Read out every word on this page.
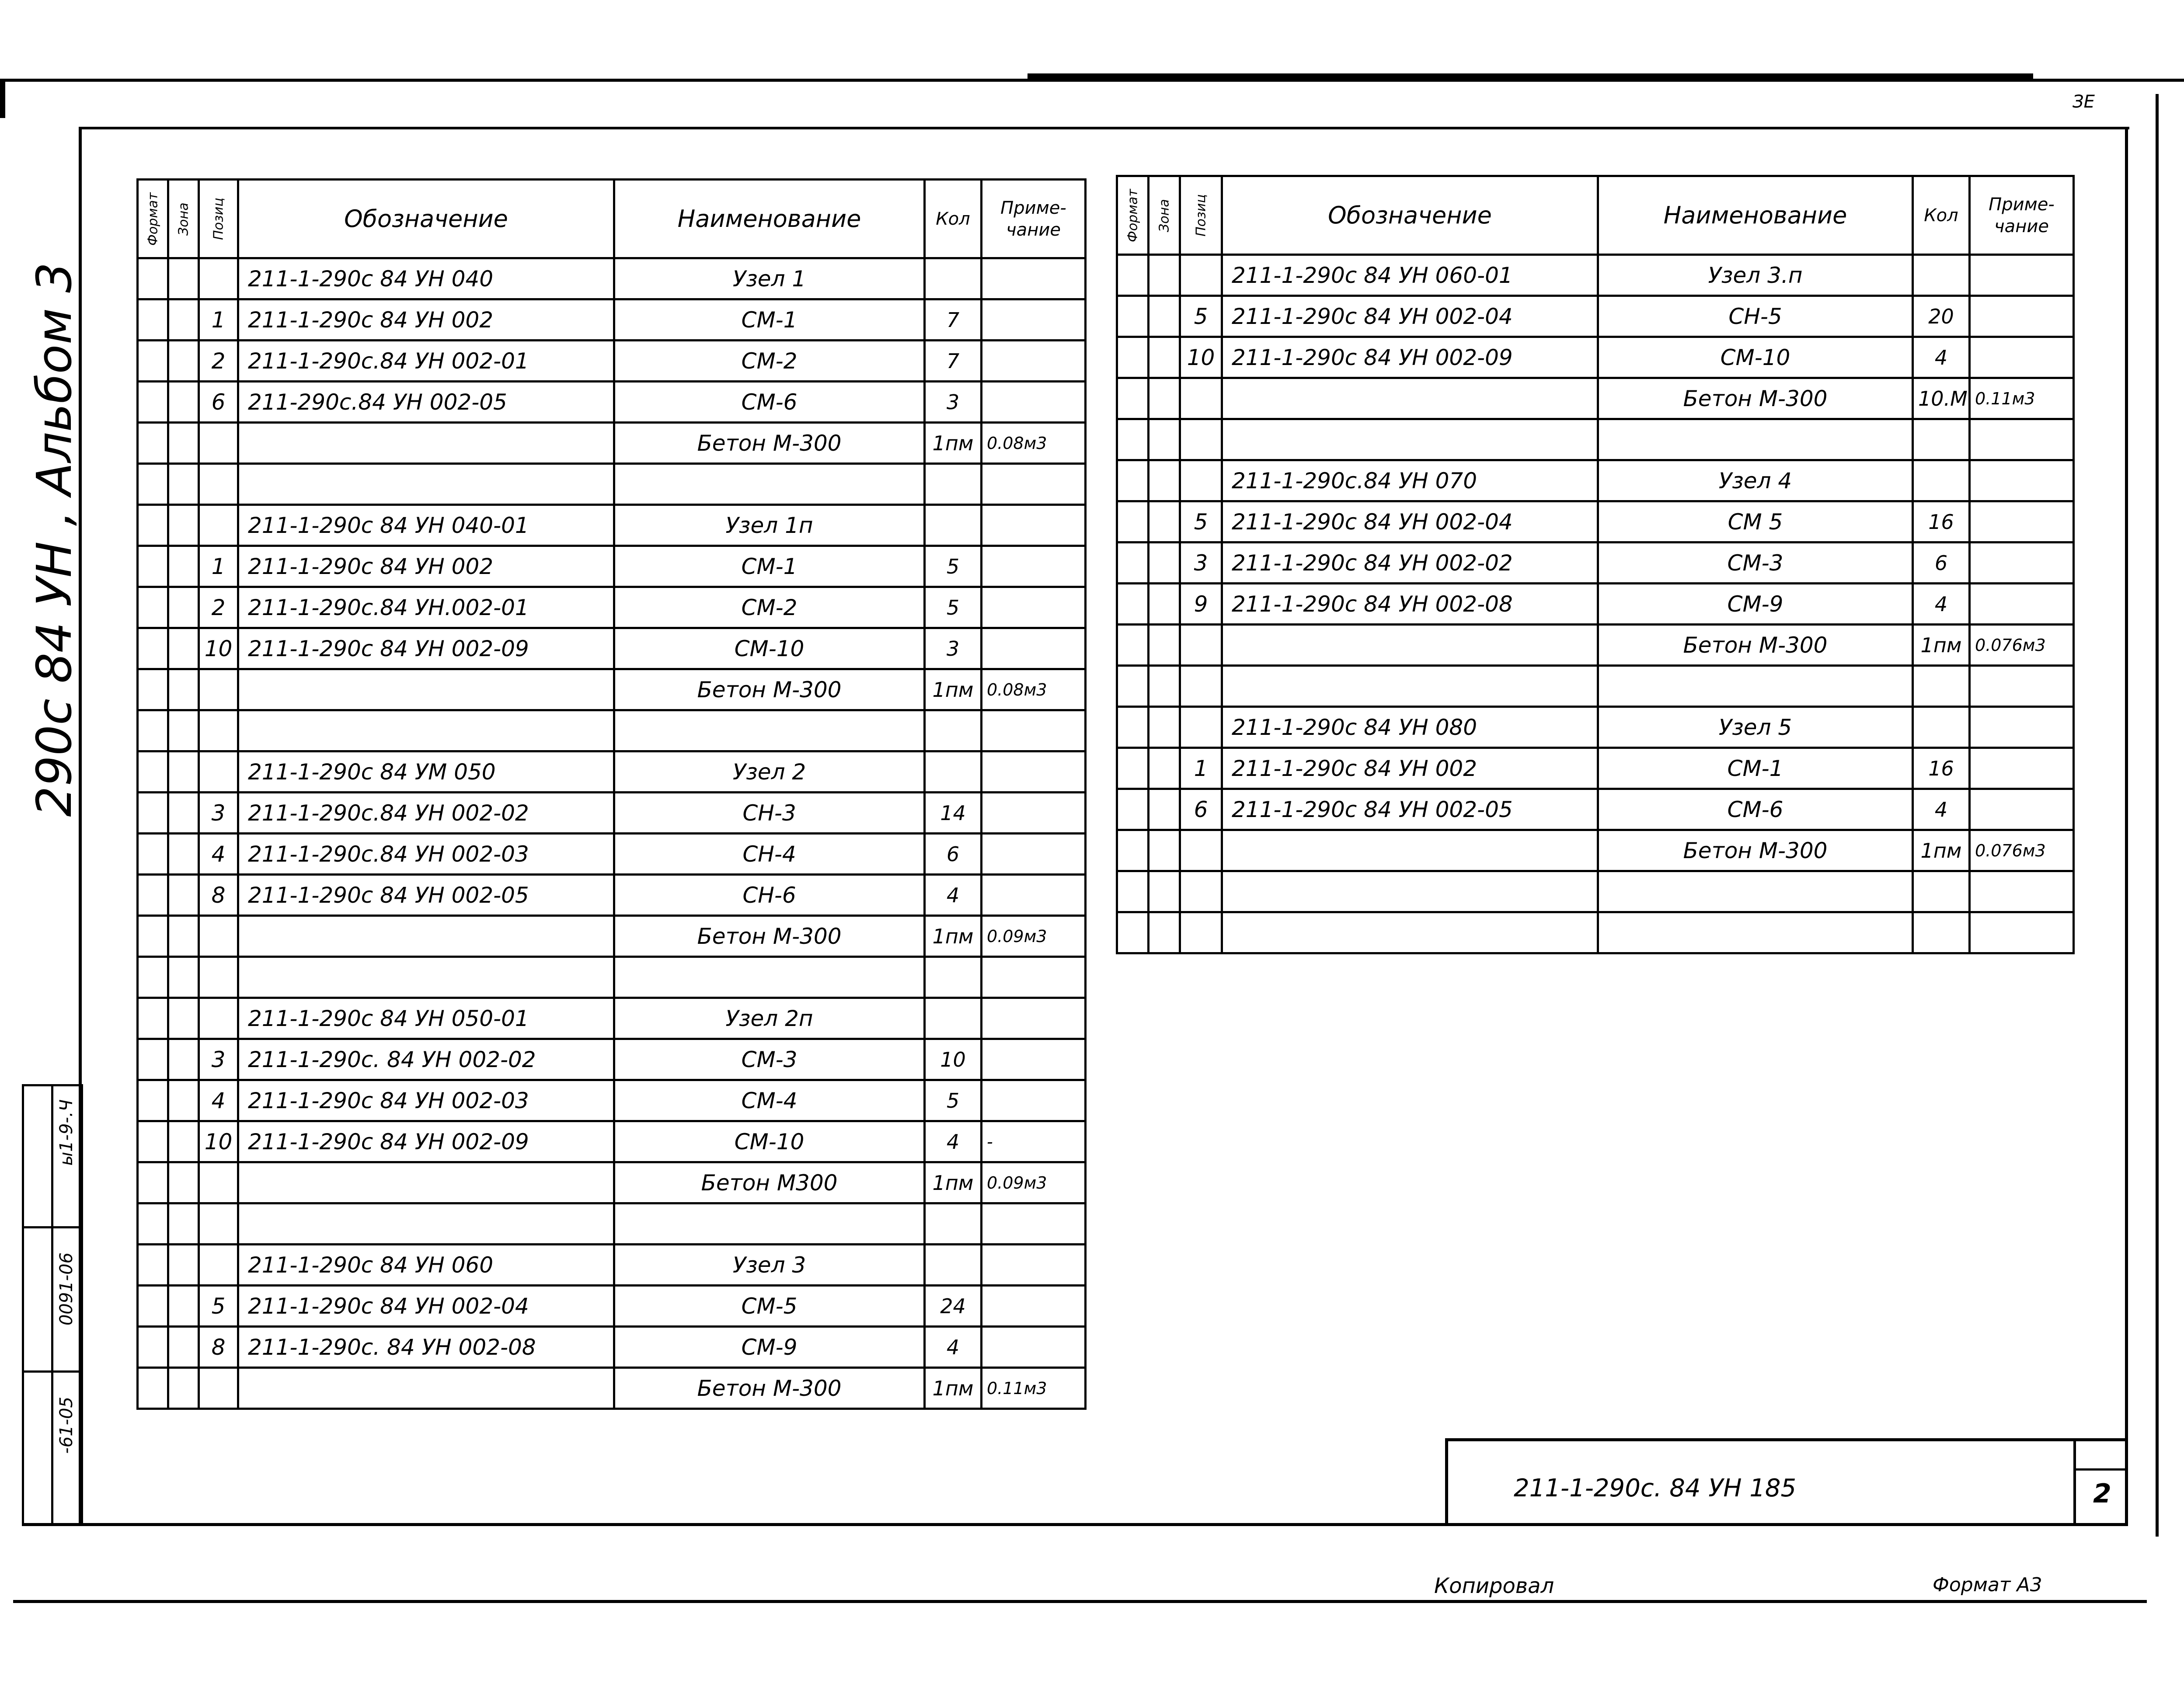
ЗЕ
290с 84 УН , Альбом 3
-61-05
0091-06
ы1-9-.Ч
Формат	Зона	Позиц	Обозначение	Наименование	Кол	Приме-чание
			211-1-290с 84 УН 040	Узел 1		
		1	211-1-290с 84 УН 002	СМ-1	7	
		2	211-1-290с.84 УН 002-01	СМ-2	7	
		6	211-290с.84 УН 002-05	СМ-6	3	
				Бетон М-300	1пм	0.08м3

			211-1-290с 84 УН 040-01	Узел 1п		
		1	211-1-290с 84 УН 002	СМ-1	5	
		2	211-1-290с.84 УН.002-01	СМ-2	5	
		10	211-1-290с 84 УН 002-09	СМ-10	3	
				Бетон М-300	1пм	0.08м3

			211-1-290с 84 УМ 050	Узел 2		
		3	211-1-290с.84 УН 002-02	СН-3	14	
		4	211-1-290с.84 УН 002-03	СН-4	6	
		8	211-1-290с 84 УН 002-05	СН-6	4	
				Бетон М-300	1пм	0.09м3

			211-1-290с 84 УН 050-01	Узел 2п		
		3	211-1-290с. 84 УН 002-02	СМ-3	10	
		4	211-1-290с 84 УН 002-03	СМ-4	5	
		10	211-1-290с 84 УН 002-09	СМ-10	4	-
				Бетон М300	1пм	0.09м3

			211-1-290с 84 УН 060	Узел 3		
		5	211-1-290с 84 УН 002-04	СМ-5	24	
		8	211-1-290с. 84 УН 002-08	СМ-9	4	
				Бетон М-300	1пм	0.11м3
Формат	Зона	Позиц	Обозначение	Наименование	Кол	Приме-чание
			211-1-290с 84 УН 060-01	Узел 3.п		
		5	211-1-290с 84 УН 002-04	СН-5	20	
		10	211-1-290с 84 УН 002-09	СМ-10	4	
				Бетон М-300	10.М	0.11м3

			211-1-290с.84 УН 070	Узел 4		
		5	211-1-290с 84 УН 002-04	СМ 5	16	
		3	211-1-290с 84 УН 002-02	СМ-3	6	
		9	211-1-290с 84 УН 002-08	СМ-9	4	
				Бетон М-300	1пм	0.076м3

			211-1-290с 84 УН 080	Узел 5		
		1	211-1-290с 84 УН 002	СМ-1	16	
		6	211-1-290с 84 УН 002-05	СМ-6	4	
				Бетон М-300	1пм	0.076м3

211-1-290с. 84 УН 185	2
Копировал	Формат А3
